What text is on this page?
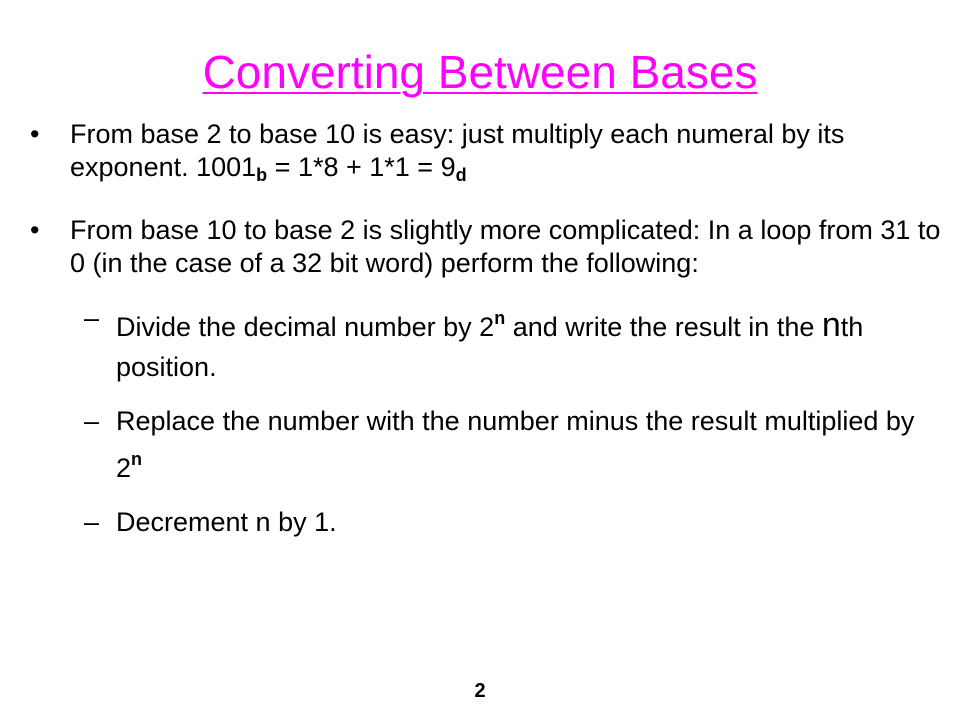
Converting Between Bases
•	From base 2 to base 10 is easy: just multiply each numeral by its exponent. 1001b = 1*8 + 1*1 = 9d
•	From base 10 to base 2 is slightly more complicated: In a loop from 31 to 0 (in the case of a 32 bit word) perform the following:
– Divide the decimal number by 2$^n$ and write the result in the nth position.
– Replace the number with the number minus the result multiplied by 2$^n$
– Decrement n by 1.
2
